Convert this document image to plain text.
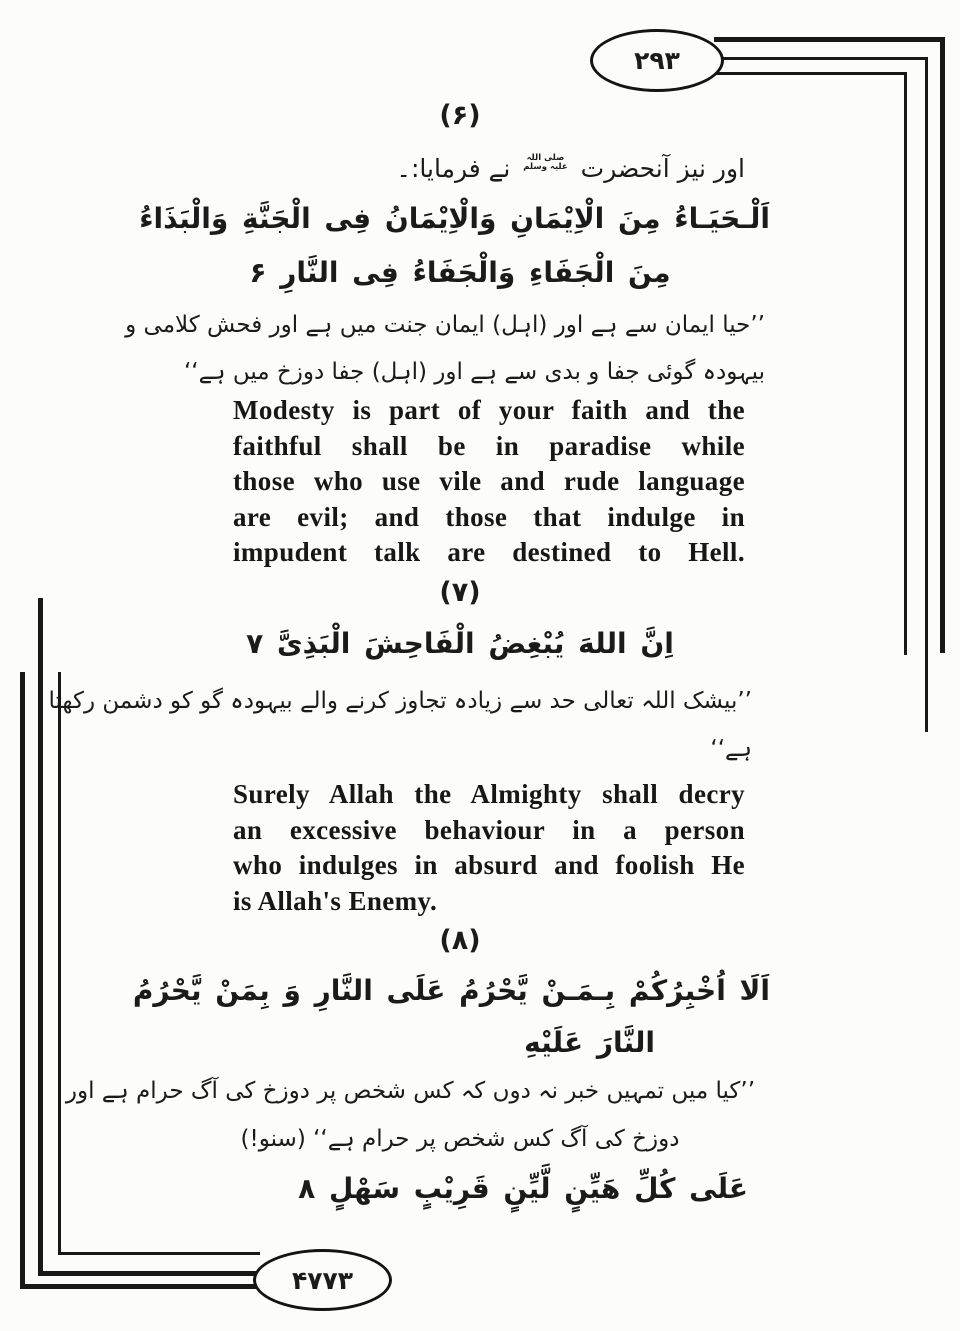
۲۹۳
۴۷۷۳
(۶)
اور نیز آنحضرت صلی اللہ
علیہ وسلم نے فرمایا:۔
اَلْـحَيَـاءُ مِنَ الْاِيْمَانِ وَالْاِيْمَانُ فِى الْجَنَّةِ وَالْبَذَاءُ
مِنَ الْجَفَاءِ وَالْجَفَاءُ فِى النَّارِ ۶
’’حیا ایمان سے ہے اور (اہل) ایمان جنت میں ہے اور فحش کلامی و
بیہودہ گوئی جفا و بدی سے ہے اور (اہل) جفا دوزخ میں ہے‘‘
Modesty is part of your faith and the
faithful shall be in paradise while
those who use vile and rude language
are evil; and those that indulge in
impudent talk are destined to Hell.
(۷)
اِنَّ اللهَ يُبْغِضُ الْفَاحِشَ الْبَذِىَّ ۷
’’بیشک اللہ تعالی حد سے زیادہ تجاوز کرنے والے بیہودہ گو کو دشمن رکھتا
ہے‘‘
Surely Allah the Almighty shall decry
an excessive behaviour in a person
who indulges in absurd and foolish He
is Allah's Enemy.
(۸)
اَلَا اُخْبِرُكُمْ بِـمَـنْ يَّحْرُمُ عَلَى النَّارِ وَ بِمَنْ يَّحْرُمُ
النَّارَ عَلَيْهِ
’’کیا میں تمہیں خبر نہ دوں کہ کس شخص پر دوزخ کی آگ حرام ہے اور
دوزخ کی آگ کس شخص پر حرام ہے‘‘ (سنو!)
عَلَى كُلِّ هَيِّنٍ لَّيِّنٍ قَرِيْبٍ سَهْلٍ ۸
